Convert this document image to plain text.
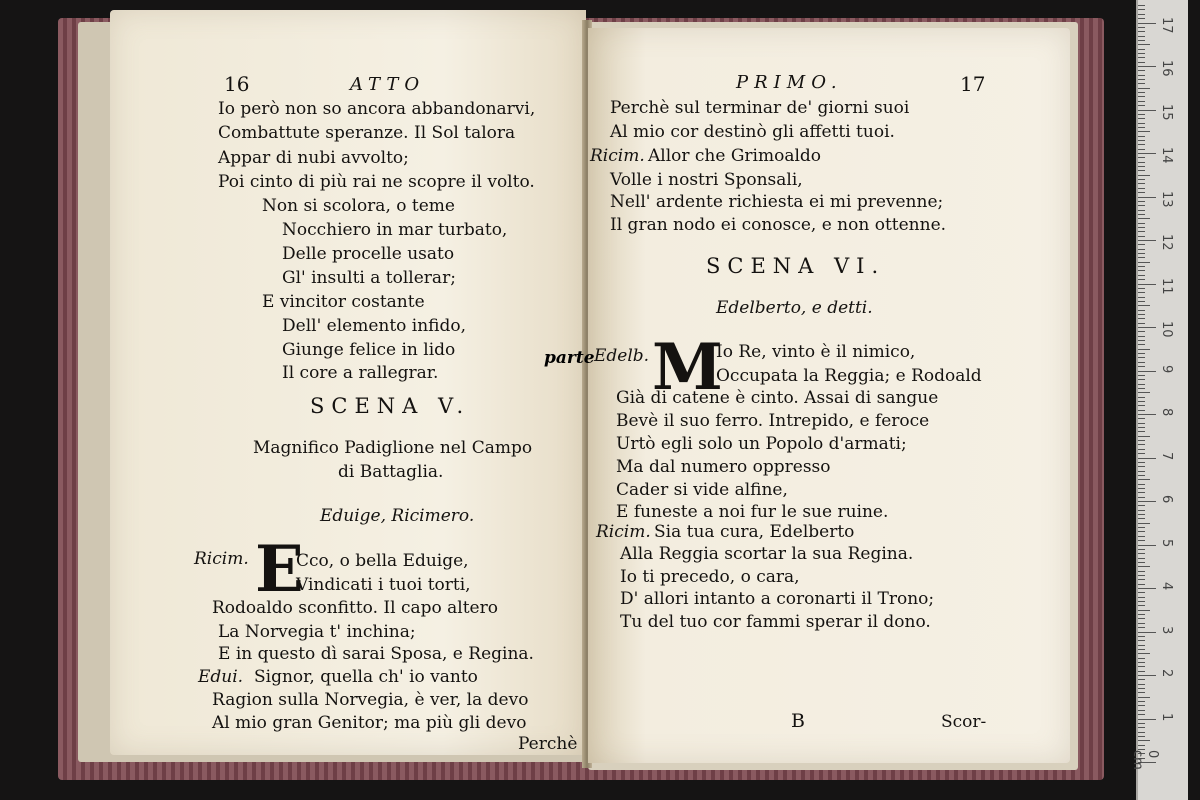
16	ATTO
Io però non so ancora abbandonarvi,
Combattute speranze. Il Sol talora
Appar di nubi avvolto;
Poi cinto di più rai ne scopre il volto.
Non si scolora, o teme
Nocchiero in mar turbato,
Delle procelle usato
Gl' insulti a tollerar;
E vincitor costante
Dell' elemento infido,
Giunge felice in lido
Il core a rallegrar.
SCENA V.
Magnifico Padiglione nel Campo
di Battaglia.
Eduige, Ricimero.
Ricim. E
Cco, o bella Eduige,
Vindicati i tuoi torti,
Rodoaldo sconfitto. Il capo altero
La Norvegia t' inchina;
E in questo dì sarai Sposa, e Regina.
Edui. Signor, quella ch' io vanto
Ragion sulla Norvegia, è ver, la devo
Al mio gran Genitor; ma più gli devo
Perchè
PRIMO.	17
Perchè sul terminar de' giorni suoi
Al mio cor destinò gli affetti tuoi.
Ricim. Allor che Grimoaldo
Volle i nostri Sponsali,
Nell' ardente richiesta ei mi prevenne;
Il gran nodo ei conosce, e non ottenne.
SCENA VI.
Edelberto, e detti.
Edelb. M
Io Re, vinto è il nimico,
Occupata la Reggia; e Rodoald
Già di catene è cinto. Assai di sangue
Bevè il suo ferro. Intrepido, e feroce
Urtò egli solo un Popolo d'armati;
Ma dal numero oppresso
Cader si vide alfine,
E funeste a noi fur le sue ruine.
Ricim. Sia tua cura, Edelberto
Alla Reggia scortar la sua Regina.
Io ti precedo, o cara,
D' allori intanto a coronarti il Trono;
Tu del tuo cor fammi sperar il dono.
B	Scor-
parte
1
2
3
4
5
6
7
8
9
10
11
12
13
14
15
16
17
0 cm
